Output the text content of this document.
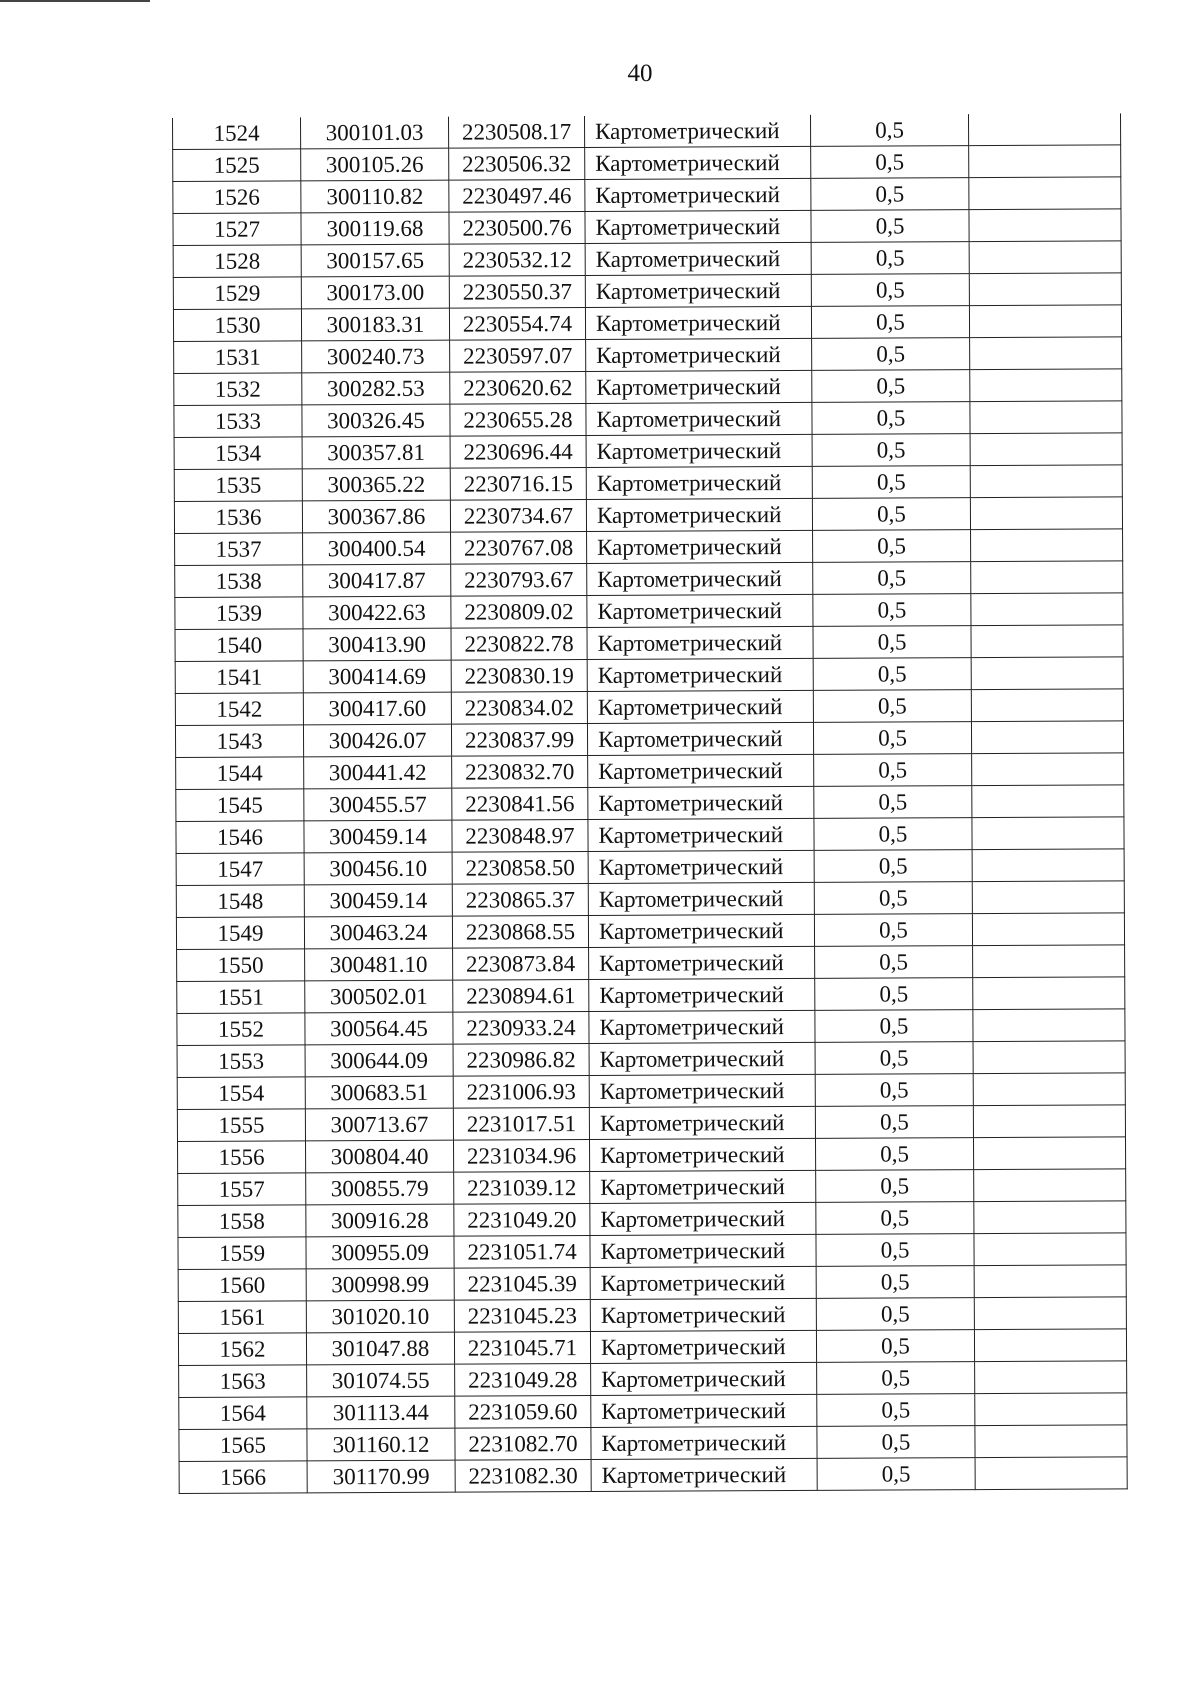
40
1524	300101.03	2230508.17	Картометрический	0,5	
1525	300105.26	2230506.32	Картометрический	0,5	
1526	300110.82	2230497.46	Картометрический	0,5	
1527	300119.68	2230500.76	Картометрический	0,5	
1528	300157.65	2230532.12	Картометрический	0,5	
1529	300173.00	2230550.37	Картометрический	0,5	
1530	300183.31	2230554.74	Картометрический	0,5	
1531	300240.73	2230597.07	Картометрический	0,5	
1532	300282.53	2230620.62	Картометрический	0,5	
1533	300326.45	2230655.28	Картометрический	0,5	
1534	300357.81	2230696.44	Картометрический	0,5	
1535	300365.22	2230716.15	Картометрический	0,5	
1536	300367.86	2230734.67	Картометрический	0,5	
1537	300400.54	2230767.08	Картометрический	0,5	
1538	300417.87	2230793.67	Картометрический	0,5	
1539	300422.63	2230809.02	Картометрический	0,5	
1540	300413.90	2230822.78	Картометрический	0,5	
1541	300414.69	2230830.19	Картометрический	0,5	
1542	300417.60	2230834.02	Картометрический	0,5	
1543	300426.07	2230837.99	Картометрический	0,5	
1544	300441.42	2230832.70	Картометрический	0,5	
1545	300455.57	2230841.56	Картометрический	0,5	
1546	300459.14	2230848.97	Картометрический	0,5	
1547	300456.10	2230858.50	Картометрический	0,5	
1548	300459.14	2230865.37	Картометрический	0,5	
1549	300463.24	2230868.55	Картометрический	0,5	
1550	300481.10	2230873.84	Картометрический	0,5	
1551	300502.01	2230894.61	Картометрический	0,5	
1552	300564.45	2230933.24	Картометрический	0,5	
1553	300644.09	2230986.82	Картометрический	0,5	
1554	300683.51	2231006.93	Картометрический	0,5	
1555	300713.67	2231017.51	Картометрический	0,5	
1556	300804.40	2231034.96	Картометрический	0,5	
1557	300855.79	2231039.12	Картометрический	0,5	
1558	300916.28	2231049.20	Картометрический	0,5	
1559	300955.09	2231051.74	Картометрический	0,5	
1560	300998.99	2231045.39	Картометрический	0,5	
1561	301020.10	2231045.23	Картометрический	0,5	
1562	301047.88	2231045.71	Картометрический	0,5	
1563	301074.55	2231049.28	Картометрический	0,5	
1564	301113.44	2231059.60	Картометрический	0,5	
1565	301160.12	2231082.70	Картометрический	0,5	
1566	301170.99	2231082.30	Картометрический	0,5	
